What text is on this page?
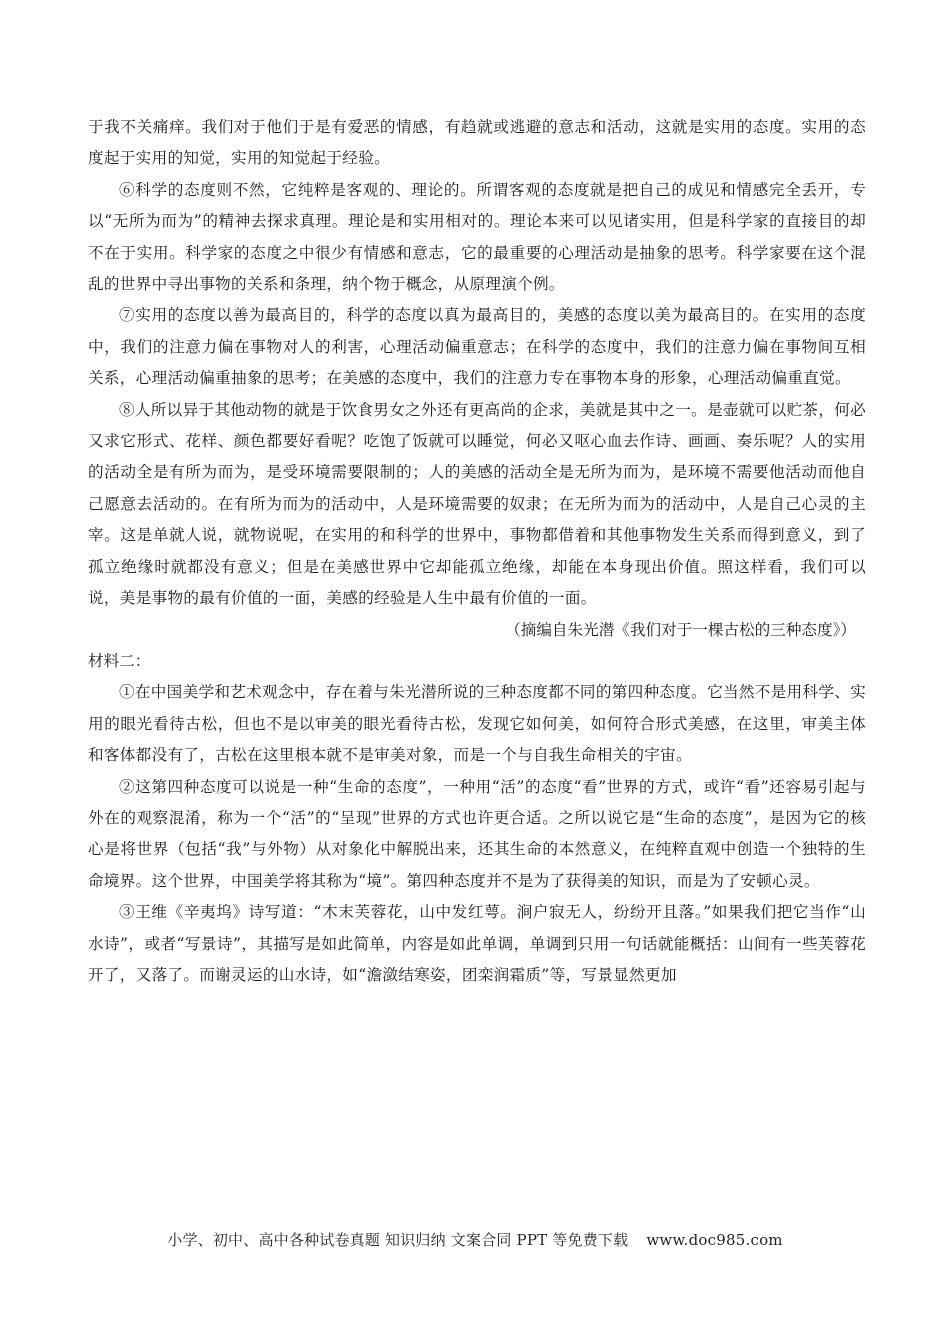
于我不关痛痒。我们对于他们于是有爱恶的情感，有趋就或逃避的意志和活动，这就是实用的态度。实用的态度起于实用的知觉，实用的知觉起于经验。

⑥科学的态度则不然，它纯粹是客观的、理论的。所谓客观的态度就是把自己的成见和情感完全丢开，专以“无所为而为”的精神去探求真理。理论是和实用相对的。理论本来可以见诸实用，但是科学家的直接目的却不在于实用。科学家的态度之中很少有情感和意志，它的最重要的心理活动是抽象的思考。科学家要在这个混乱的世界中寻出事物的关系和条理，纳个物于概念，从原理演个例。

⑦实用的态度以善为最高目的，科学的态度以真为最高目的，美感的态度以美为最高目的。在实用的态度中，我们的注意力偏在事物对人的利害，心理活动偏重意志；在科学的态度中，我们的注意力偏在事物间互相关系，心理活动偏重抽象的思考；在美感的态度中，我们的注意力专在事物本身的形象，心理活动偏重直觉。

⑧人所以异于其他动物的就是于饮食男女之外还有更高尚的企求，美就是其中之一。是壶就可以贮茶，何必又求它形式、花样、颜色都要好看呢？吃饱了饭就可以睡觉，何必又呕心血去作诗、画画、奏乐呢？人的实用的活动全是有所为而为，是受环境需要限制的；人的美感的活动全是无所为而为，是环境不需要他活动而他自己愿意去活动的。在有所为而为的活动中，人是环境需要的奴隶；在无所为而为的活动中，人是自己心灵的主宰。这是单就人说，就物说呢，在实用的和科学的世界中，事物都借着和其他事物发生关系而得到意义，到了孤立绝缘时就都没有意义；但是在美感世界中它却能孤立绝缘，却能在本身现出价值。照这样看，我们可以说，美是事物的最有价值的一面，美感的经验是人生中最有价值的一面。

（摘编自朱光潜《我们对于一棵古松的三种态度》）

材料二：

①在中国美学和艺术观念中，存在着与朱光潜所说的三种态度都不同的第四种态度。它当然不是用科学、实用的眼光看待古松，但也不是以审美的眼光看待古松，发现它如何美，如何符合形式美感，在这里，审美主体和客体都没有了，古松在这里根本就不是审美对象，而是一个与自我生命相关的宇宙。

②这第四种态度可以说是一种“生命的态度”，一种用“活”的态度“看”世界的方式，或许“看”还容易引起与外在的观察混淆，称为一个“活”的“呈现”世界的方式也许更合适。之所以说它是“生命的态度”，是因为它的核心是将世界（包括“我”与外物）从对象化中解脱出来，还其生命的本然意义，在纯粹直观中创造一个独特的生命境界。这个世界，中国美学将其称为“境”。第四种态度并不是为了获得美的知识，而是为了安顿心灵。

③王维《辛夷坞》诗写道：“木末芙蓉花，山中发红萼。涧户寂无人，纷纷开且落。”如果我们把它当作“山水诗”，或者“写景诗”，其描写是如此简单，内容是如此单调，单调到只用一句话就能概括：山间有一些芙蓉花开了，又落了。而谢灵运的山水诗，如“澹潋结寒姿，团栾润霜质”等，写景显然更加

小学、初中、高中各种试卷真题 知识归纳 文案合同 PPT 等免费下载 www.doc985.com
